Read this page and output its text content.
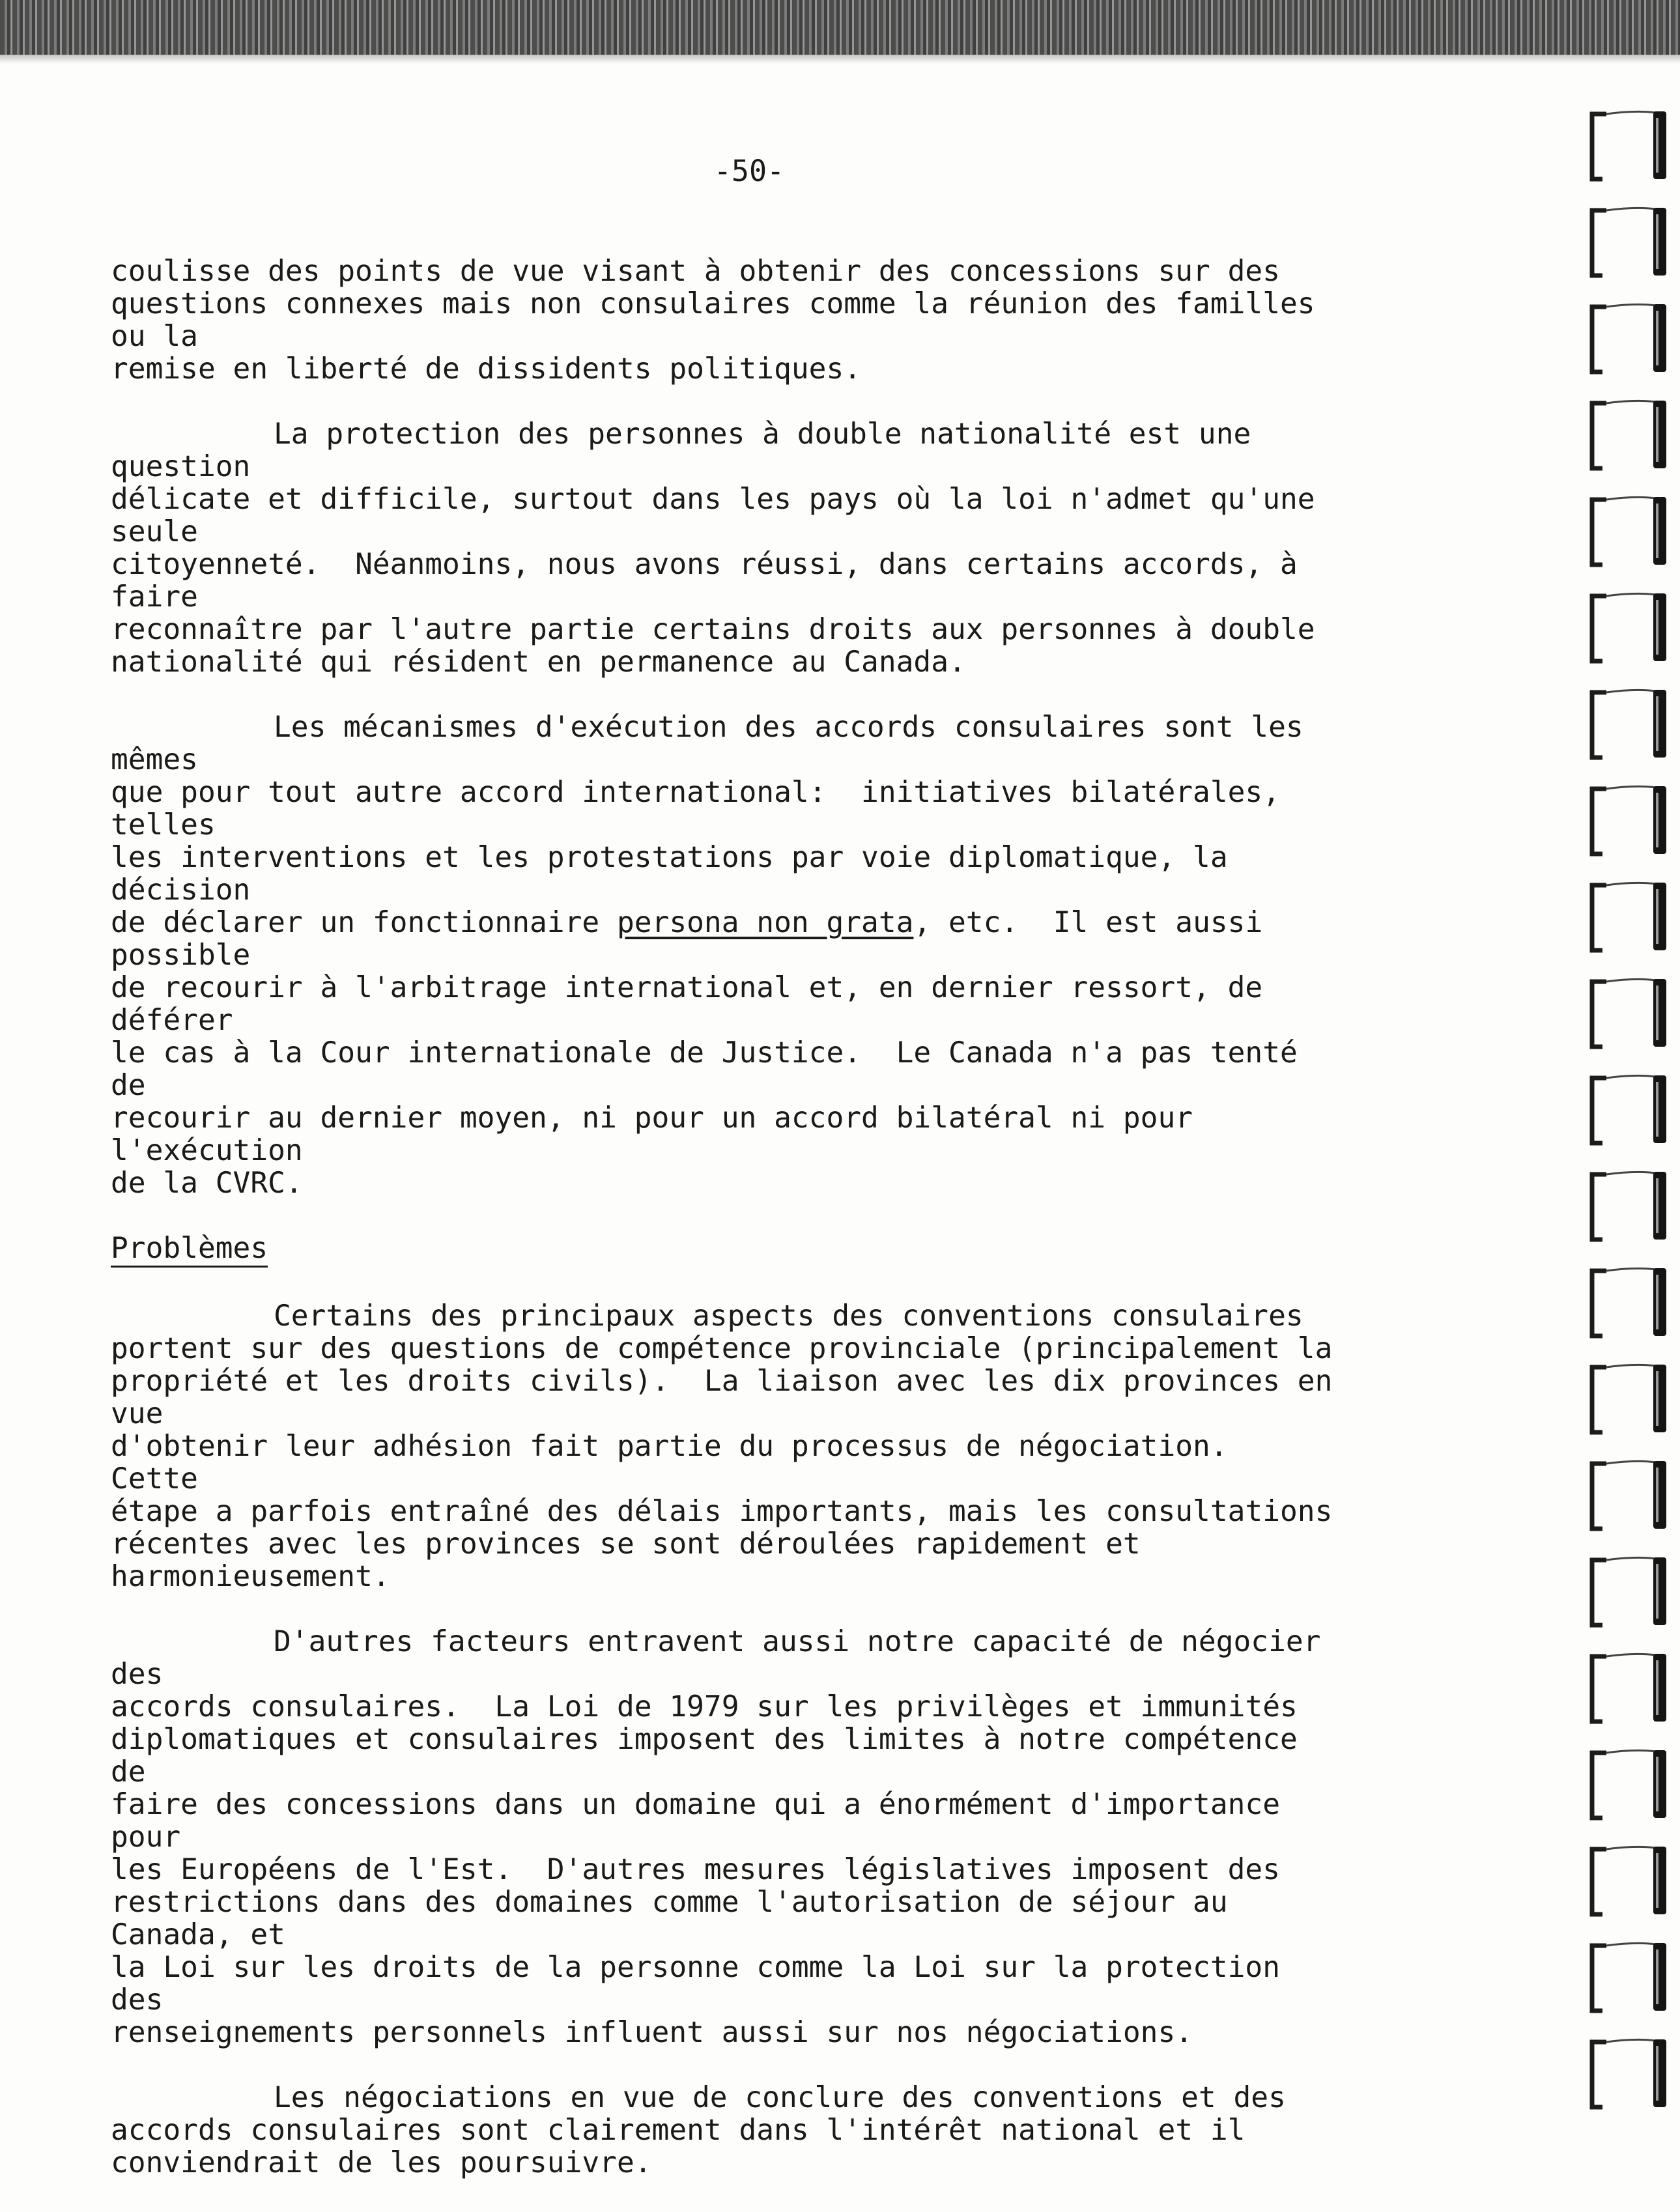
-50-

coulisse des points de vue visant à obtenir des concessions sur des
questions connexes mais non consulaires comme la réunion des familles ou la
remise en liberté de dissidents politiques.

La protection des personnes à double nationalité est une question
délicate et difficile, surtout dans les pays où la loi n'admet qu'une seule
citoyenneté.  Néanmoins, nous avons réussi, dans certains accords, à faire
reconnaître par l'autre partie certains droits aux personnes à double
nationalité qui résident en permanence au Canada.

Les mécanismes d'exécution des accords consulaires sont les mêmes
que pour tout autre accord international:  initiatives bilatérales, telles
les interventions et les protestations par voie diplomatique, la décision
de déclarer un fonctionnaire persona non grata, etc.  Il est aussi possible
de recourir à l'arbitrage international et, en dernier ressort, de déférer
le cas à la Cour internationale de Justice.  Le Canada n'a pas tenté de
recourir au dernier moyen, ni pour un accord bilatéral ni pour l'exécution
de la CVRC.

Problèmes

Certains des principaux aspects des conventions consulaires
portent sur des questions de compétence provinciale (principalement la
propriété et les droits civils).  La liaison avec les dix provinces en vue
d'obtenir leur adhésion fait partie du processus de négociation.  Cette
étape a parfois entraîné des délais importants, mais les consultations
récentes avec les provinces se sont déroulées rapidement et
harmonieusement.

D'autres facteurs entravent aussi notre capacité de négocier des
accords consulaires.  La Loi de 1979 sur les privilèges et immunités
diplomatiques et consulaires imposent des limites à notre compétence de
faire des concessions dans un domaine qui a énormément d'importance pour
les Européens de l'Est.  D'autres mesures législatives imposent des
restrictions dans des domaines comme l'autorisation de séjour au Canada, et
la Loi sur les droits de la personne comme la Loi sur la protection des
renseignements personnels influent aussi sur nos négociations.

Les négociations en vue de conclure des conventions et des
accords consulaires sont clairement dans l'intérêt national et il
conviendrait de les poursuivre.
